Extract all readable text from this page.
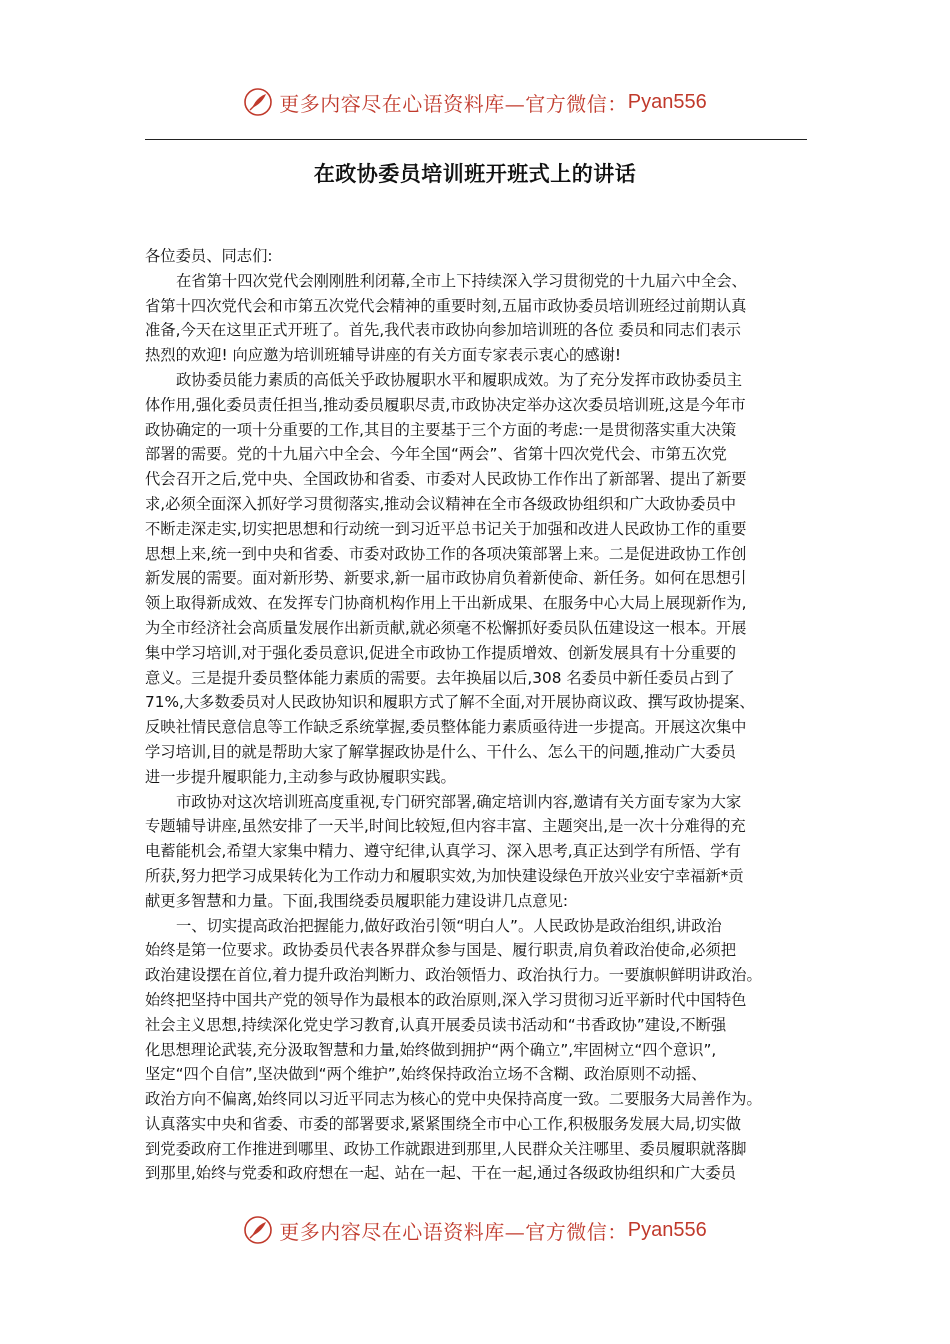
更多内容尽在心语资料库—官方微信： Pyan556
在政协委员培训班开班式上的讲话
各位委员、同志们:
在省第十四次党代会刚刚胜利闭幕,全市上下持续深入学习贯彻党的十九届六中全会、
省第十四次党代会和市第五次党代会精神的重要时刻,五届市政协委员培训班经过前期认真
准备,今天在这里正式开班了。首先,我代表市政协向参加培训班的各位 委员和同志们表示
热烈的欢迎! 向应邀为培训班辅导讲座的有关方面专家表示衷心的感谢!
政协委员能力素质的高低关乎政协履职水平和履职成效。为了充分发挥市政协委员主
体作用,强化委员责任担当,推动委员履职尽责,市政协决定举办这次委员培训班,这是今年市
政协确定的一项十分重要的工作,其目的主要基于三个方面的考虑:一是贯彻落实重大决策
部署的需要。党的十九届六中全会、今年全国“两会”、省第十四次党代会、市第五次党
代会召开之后,党中央、全国政协和省委、市委对人民政协工作作出了新部署、提出了新要
求,必须全面深入抓好学习贯彻落实,推动会议精神在全市各级政协组织和广大政协委员中
不断走深走实,切实把思想和行动统一到习近平总书记关于加强和改进人民政协工作的重要
思想上来,统一到中央和省委、市委对政协工作的各项决策部署上来。二是促进政协工作创
新发展的需要。面对新形势、新要求,新一届市政协肩负着新使命、新任务。如何在思想引
领上取得新成效、在发挥专门协商机构作用上干出新成果、在服务中心大局上展现新作为,
为全市经济社会高质量发展作出新贡献,就必须毫不松懈抓好委员队伍建设这一根本。开展
集中学习培训,对于强化委员意识,促进全市政协工作提质增效、创新发展具有十分重要的
意义。三是提升委员整体能力素质的需要。去年换届以后,308 名委员中新任委员占到了
71%,大多数委员对人民政协知识和履职方式了解不全面,对开展协商议政、撰写政协提案、
反映社情民意信息等工作缺乏系统掌握,委员整体能力素质亟待进一步提高。开展这次集中
学习培训,目的就是帮助大家了解掌握政协是什么、干什么、怎么干的问题,推动广大委员
进一步提升履职能力,主动参与政协履职实践。
市政协对这次培训班高度重视,专门研究部署,确定培训内容,邀请有关方面专家为大家
专题辅导讲座,虽然安排了一天半,时间比较短,但内容丰富、主题突出,是一次十分难得的充
电蓄能机会,希望大家集中精力、遵守纪律,认真学习、深入思考,真正达到学有所悟、学有
所获,努力把学习成果转化为工作动力和履职实效,为加快建设绿色开放兴业安宁幸福新*贡
献更多智慧和力量。下面,我围绕委员履职能力建设讲几点意见:
一、切实提高政治把握能力,做好政治引领“明白人”。人民政协是政治组织,讲政治
始终是第一位要求。政协委员代表各界群众参与国是、履行职责,肩负着政治使命,必须把
政治建设摆在首位,着力提升政治判断力、政治领悟力、政治执行力。一要旗帜鲜明讲政治。
始终把坚持中国共产党的领导作为最根本的政治原则,深入学习贯彻习近平新时代中国特色
社会主义思想,持续深化党史学习教育,认真开展委员读书活动和“书香政协”建设,不断强
化思想理论武装,充分汲取智慧和力量,始终做到拥护“两个确立”,牢固树立“四个意识”,
坚定“四个自信”,坚决做到“两个维护”,始终保持政治立场不含糊、政治原则不动摇、
政治方向不偏离,始终同以习近平同志为核心的党中央保持高度一致。二要服务大局善作为。
认真落实中央和省委、市委的部署要求,紧紧围绕全市中心工作,积极服务发展大局,切实做
到党委政府工作推进到哪里、政协工作就跟进到那里,人民群众关注哪里、委员履职就落脚
到那里,始终与党委和政府想在一起、站在一起、干在一起,通过各级政协组织和广大委员
更多内容尽在心语资料库—官方微信： Pyan556
